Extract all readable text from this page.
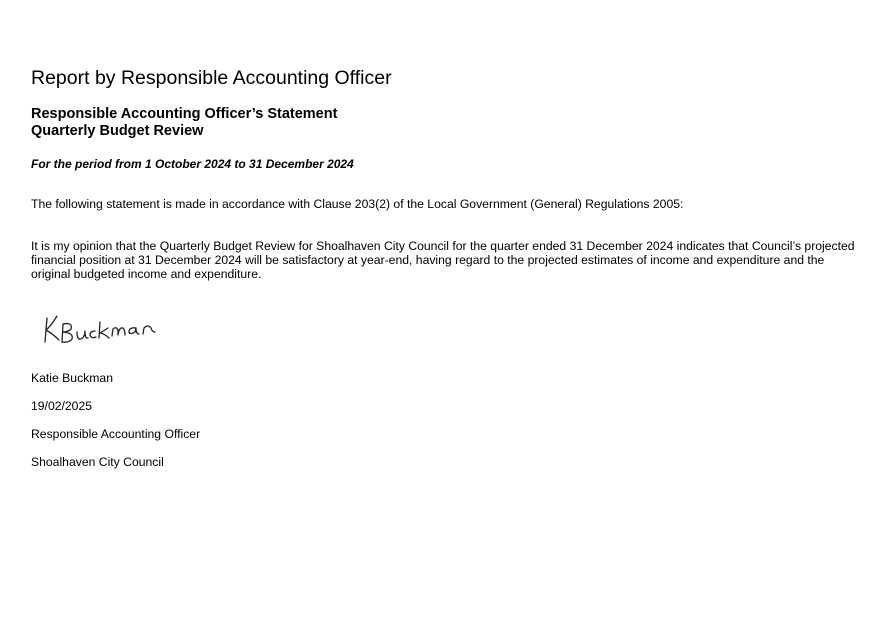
Report by Responsible Accounting Officer
Responsible Accounting Officer’s Statement
Quarterly Budget Review

For the period from 1 October 2024 to 31 December 2024

The following statement is made in accordance with Clause 203(2) of the Local Government (General) Regulations 2005:

It is my opinion that the Quarterly Budget Review for Shoalhaven City Council for the quarter ended 31 December 2024 indicates that Council’s projected financial position at 31 December 2024 will be satisfactory at year-end, having regard to the projected estimates of income and expenditure and the original budgeted income and expenditure.

Katie Buckman

19/02/2025

Responsible Accounting Officer

Shoalhaven City Council
